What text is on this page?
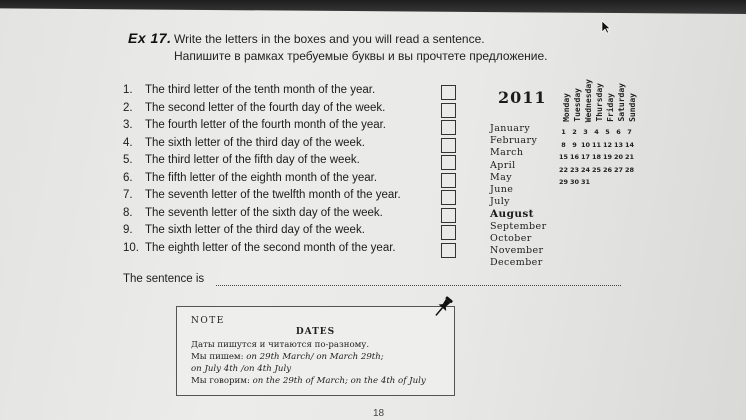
Ex 17. Write the letters in the boxes and you will read a sentence.
Напишите в рамках требуемые буквы и вы прочтете предложение.
1. The third letter of the tenth month of the year.
2. The second letter of the fourth day of the week.
3. The fourth letter of the fourth month of the year.
4. The sixth letter of the third day of the week.
5. The third letter of the fifth day of the week.
6. The fifth letter of the eighth month of the year.
7. The seventh letter of the twelfth month of the year.
8. The seventh letter of the sixth day of the week.
9. The sixth letter of the third day of the week.
10. The eighth letter of the second month of the year.
2011
January
February
March
April
May
June
July
August
September
October
November
December
Monday Tuesday Wednesday Thursday Friday Saturday Sunday
1 2 3 4 5 6 7
8 9 10 11 12 13 14
15 16 17 18 19 20 21
22 23 24 25 26 27 28
29 30 31
The sentence is
NOTE
DATES
Даты пишутся и читаются по-разному.
Мы пишем: on 29th March/ on March 29th;
on July 4th /on 4th July
Мы говорим: on the 29th of March; on the 4th of July
18
